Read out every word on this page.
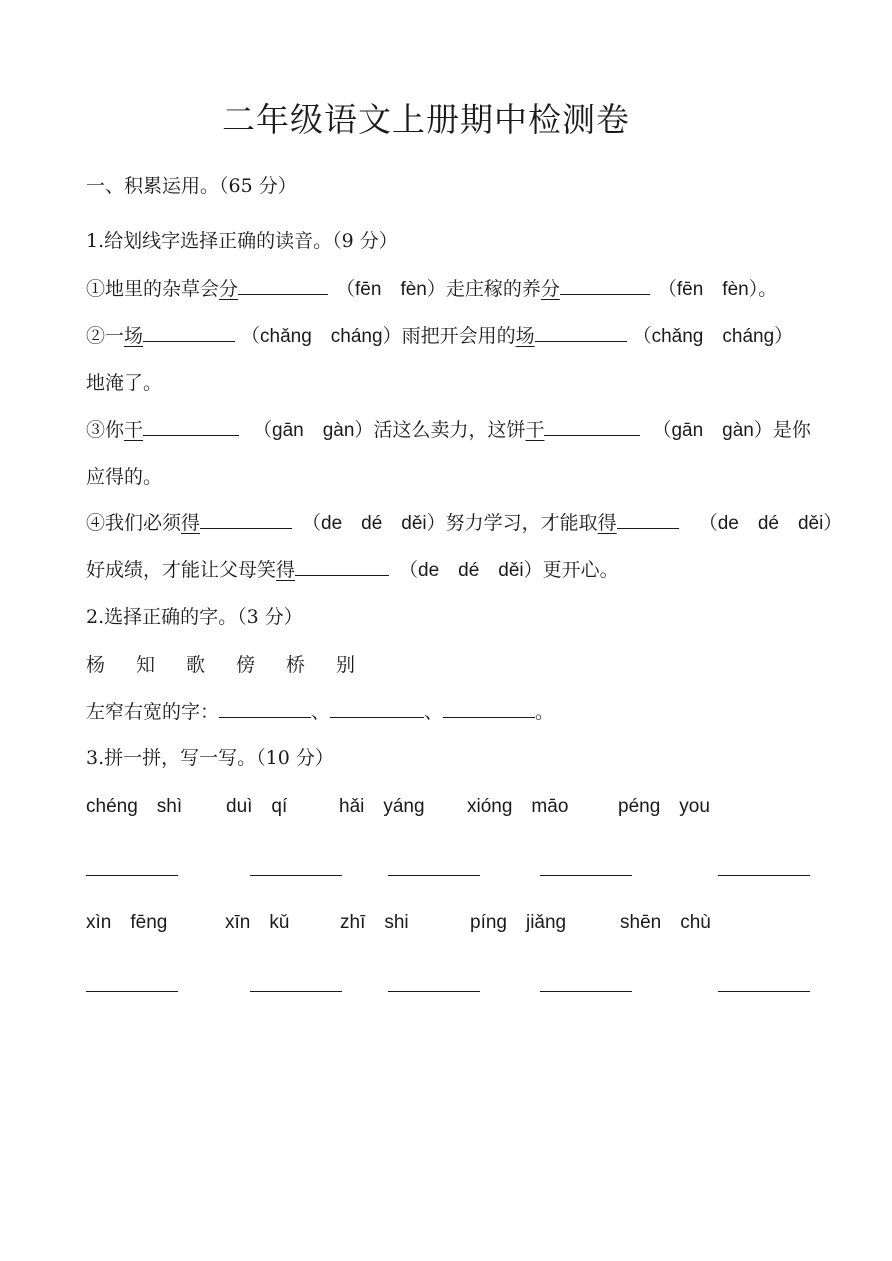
二年级语文上册期中检测卷
一、积累运用。（65 分）
1.给划线字选择正确的读音。（9 分）
①地里的杂草会分	（fēn　fèn）走庄稼的养分	（fēn　fèn）。
②一场	（chǎng　cháng）雨把开会用的场	（chǎng　cháng）
地淹了。
③你干	（gān　gàn）活这么卖力，这饼干	（gān　gàn）是你
应得的。
④我们必须得	（de　dé　děi）努力学习，才能取得	（de　dé　děi）
好成绩，才能让父母笑得	（de　dé　děi）更开心。
2.选择正确的字。（3 分）
杨 知 歌 傍 桥 别
左窄右宽的字：	、	、	。
3.拼一拼，写一写。（10 分）
chéng　shì duì　qí	hǎi　yáng xióng　māo	péng　you
xìn　fēng	xīn　kǔ	zhī　shi	píng　jiǎng	shēn　chù
